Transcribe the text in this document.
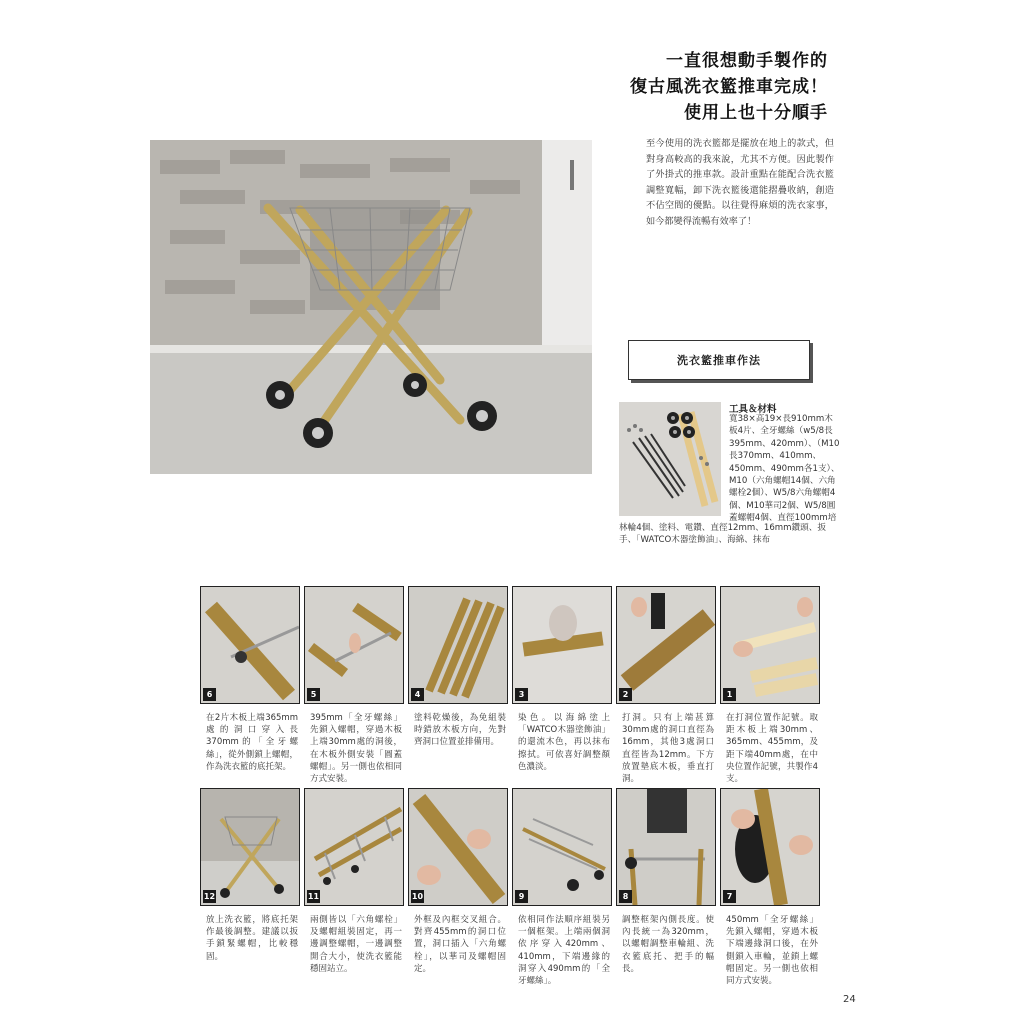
一直很想動手製作的
復古風洗衣籃推車完成！
使用上也十分順手
至今使用的洗衣籃都是擺放在地上的款式，但對身高較高的我來說，尤其不方便。因此製作了外掛式的推車款。設計重點在能配合洗衣籃調整寬幅，卸下洗衣籃後還能摺疊收納，創造不佔空間的優點。以往覺得麻煩的洗衣家事，如今都變得流暢有效率了！
洗衣籃推車作法
工具＆材料
寬38×高19×長910mm木板4片、全牙螺絲（w5/8長395mm、420mm）、（M10長370mm、410mm、450mm、490mm各1支）、M10（六角螺帽14個、六角螺栓2個）、W5/8六角螺帽4個、M10華司2個、W5/8圓蓋螺帽4個、直徑100mm培
林輪4個、塗料、電鑽、直徑12mm、16mm鑽頭、扳手、「WATCO木器塗飾油」、海綿、抹布
6	5	4	3	2	1
在2片木板上端365mm處的洞口穿入長370mm的「全牙螺絲」，從外側鎖上螺帽，作為洗衣籃的底托架。
395mm「全牙螺絲」先鎖入螺帽，穿過木板上端30mm處的洞後，在木板外側安裝「圓蓋螺帽」。另一側也依相同方式安裝。
塗料乾燥後，為免組裝時錯放木板方向，先對齊洞口位置並排備用。
染色。以海綿塗上「WATCO木器塗飾油」的還流木色，再以抹布擦拭。可依喜好調整顏色濃淡。
打洞。只有上端甚算30mm處的洞口直徑為16mm，其他3處洞口直徑皆為12mm。下方放置墊底木板，垂直打洞。
在打洞位置作記號。取距木板上端30mm、365mm、455mm，及距下端40mm處，在中央位置作記號，共製作4支。
12	11	10	9	8	7
放上洗衣籃，將底托架作最後調整。建議以扳手鎖緊螺帽，比較穩固。
兩側皆以「六角螺栓」及螺帽組裝固定，再一邊調整螺帽，一邊調整開合大小，使洗衣籃能穩固站立。
外框及內框交叉組合。對齊455mm的洞口位置，洞口插入「六角螺栓」，以華司及螺帽固定。
依相同作法順序組裝另一個框架。上端兩個洞依序穿入420mm、410mm，下端邊緣的洞穿入490mm的「全牙螺絲」。
調整框架內側長度。使內長統一為320mm，以螺帽調整車輪組、洗衣籃底托、把手的幅長。
450mm「全牙螺絲」先鎖入螺帽，穿過木板下端邊緣洞口後，在外側鎖入車輪，並鎖上螺帽固定。另一側也依相同方式安裝。
24
